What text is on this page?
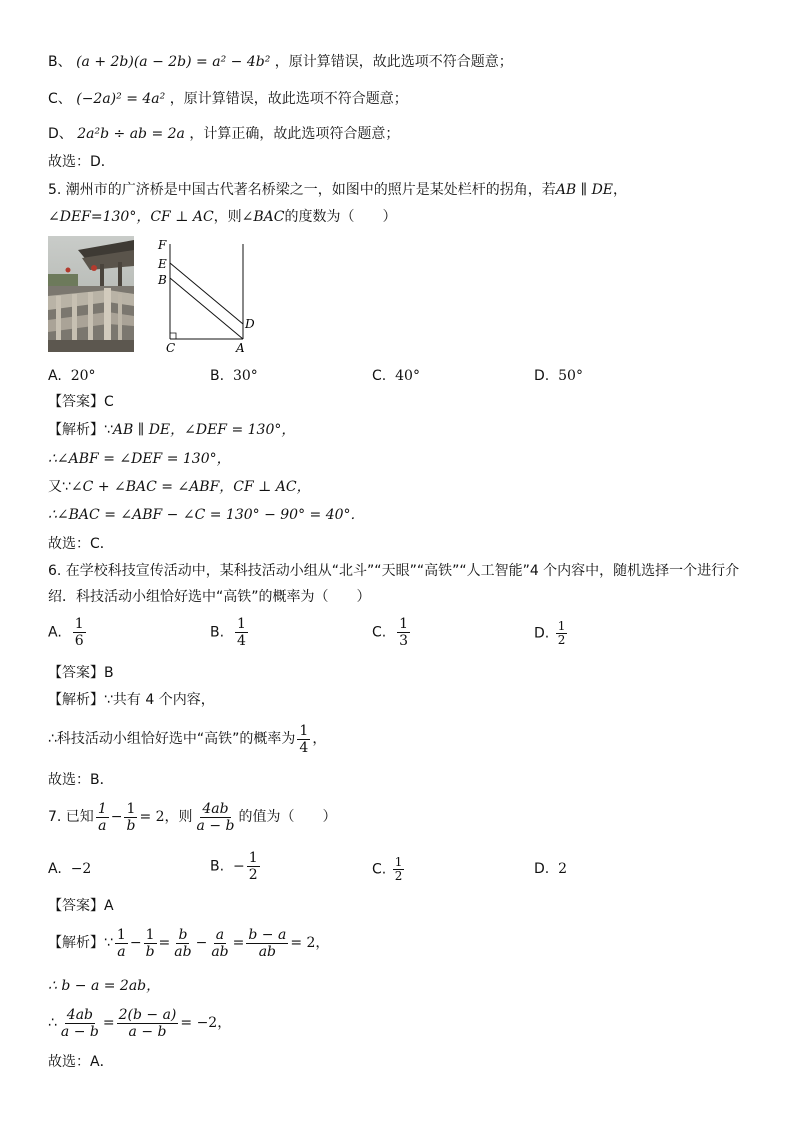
B、 (a + 2b)(a − 2b) = a² − 4b² ，原计算错误，故此选项不符合题意；
C、 (−2a)² = 4a² ，原计算错误，故此选项不符合题意；
D、 2a²b ÷ ab = 2a ，计算正确，故此选项符合题意；
故选：D．
5. 潮州市的广济桥是中国古代著名桥梁之一，如图中的照片是某处栏杆的拐角，若AB ∥ DE，
∠DEF=130°，CF ⊥ AC，则∠BAC的度数为（　　）
F
E
B
D
C	A
A. 20°	B. 30°	C. 40°	D. 50°
【答案】C
【解析】∵AB ∥ DE，∠DEF = 130°，
∴∠ABF = ∠DEF = 130°，
又∵∠C + ∠BAC = ∠ABF，CF ⊥ AC，
∴∠BAC = ∠ABF − ∠C = 130° − 90° = 40°．
故选：C．
6. 在学校科技宣传活动中，某科技活动小组从“北斗”“天眼”“高铁”“人工智能”4 个内容中，随机选择一个进行介
绍．科技活动小组恰好选中“高铁”的概率为（　　）
A. $\frac{1}{6}$	B. $\frac{1}{4}$	C. $\frac{1}{3}$	D. $\frac{1}{2}$
【答案】B
【解析】∵共有 4 个内容，
∴科技活动小组恰好选中“高铁”的概率为 $\frac{1}{4}$ ，
故选：B．
7. 已知 $\frac{1}{a} - \frac{1}{b} = 2$，则 $\frac{4ab}{a - b}$ 的值为（　　）
A. −2	B. − $\frac{1}{2}$	C. $\frac{1}{2}$	D. 2
【答案】A
【解析】∵ $\frac{1}{a} - \frac{1}{b} = \frac{b}{ab} - \frac{a}{ab} = \frac{b - a}{ab} = 2$，
∴ b − a = 2ab，
∴ $\frac{4ab}{a - b} = \frac{2(b - a)}{a - b} = -2$，
故选：A．
